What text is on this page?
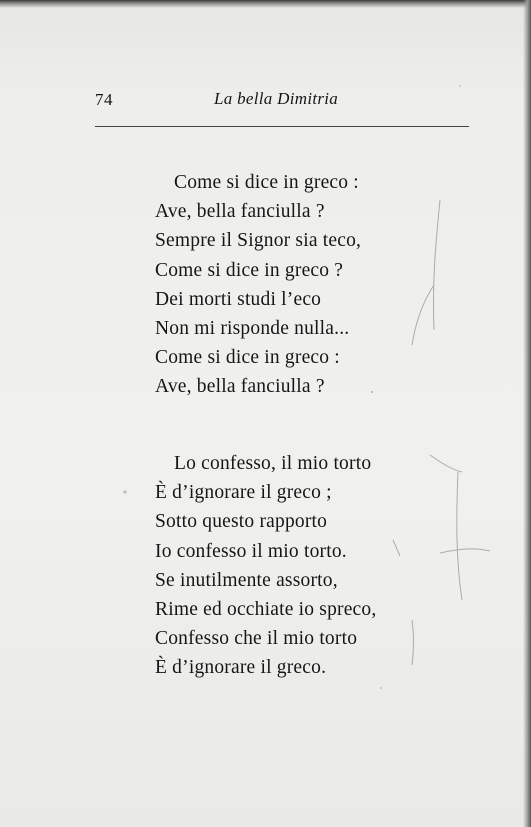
74	La bella Dimitria
Come si dice in greco :
Ave, bella fanciulla ?
Sempre il Signor sia teco,
Come si dice in greco ?
Dei morti studi l’eco
Non mi risponde nulla...
Come si dice in greco :
Ave, bella fanciulla ?
Lo confesso, il mio torto
È d’ignorare il greco ;
Sotto questo rapporto
Io confesso il mio torto.
Se inutilmente assorto,
Rime ed occhiate io spreco,
Confesso che il mio torto
È d’ignorare il greco.
